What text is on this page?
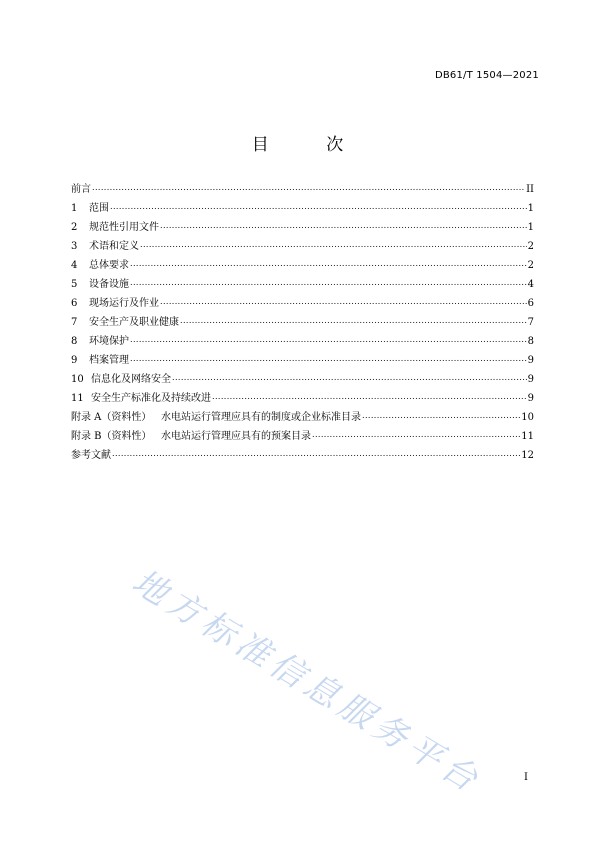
DB61/T 1504—2021
目 次
前言 .....	II
1	范围 .....	1
2	规范性引用文件 .....	1
3	术语和定义 .....	2
4	总体要求 .....	2
5	设备设施 .....	4
6	现场运行及作业 .....	6
7	安全生产及职业健康 .....	7
8	环境保护 .....	8
9	档案管理 .....	9
10 信息化及网络安全 .....	9
11 安全生产标准化及持续改进 .....	9
附录 A（资料性） 水电站运行管理应具有的制度或企业标准目录 .....	10
附录 B（资料性） 水电站运行管理应具有的预案目录 .....	11
参考文献 .....	12
地方标准信息服务平台	I
